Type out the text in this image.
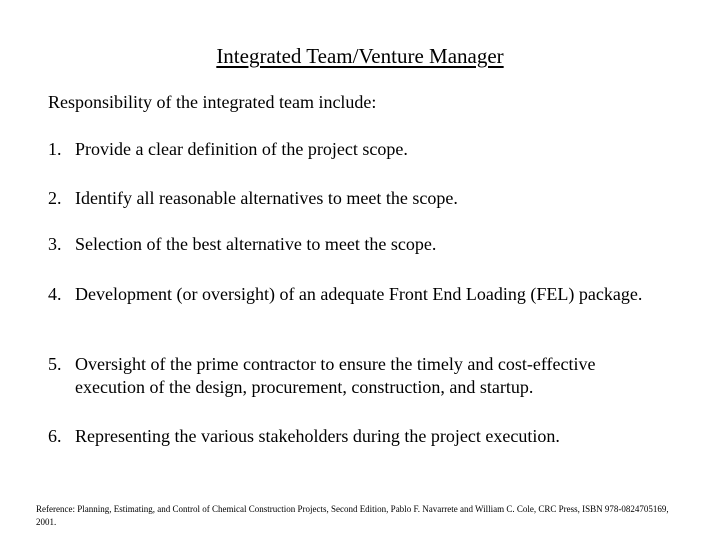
Integrated Team/Venture Manager
Responsibility of the integrated team include:
1. Provide a clear definition of the project scope.
2. Identify all reasonable alternatives to meet the scope.
3. Selection of the best alternative to meet the scope.
4. Development (or oversight) of an adequate Front End Loading (FEL) package.
5. Oversight of the prime contractor to ensure the timely and cost-effective execution of the design, procurement, construction, and startup.
6. Representing the various stakeholders during the project execution.
Reference: Planning, Estimating, and Control of Chemical Construction Projects, Second Edition, Pablo F. Navarrete and William C. Cole, CRC Press, ISBN 978-0824705169, 2001.
